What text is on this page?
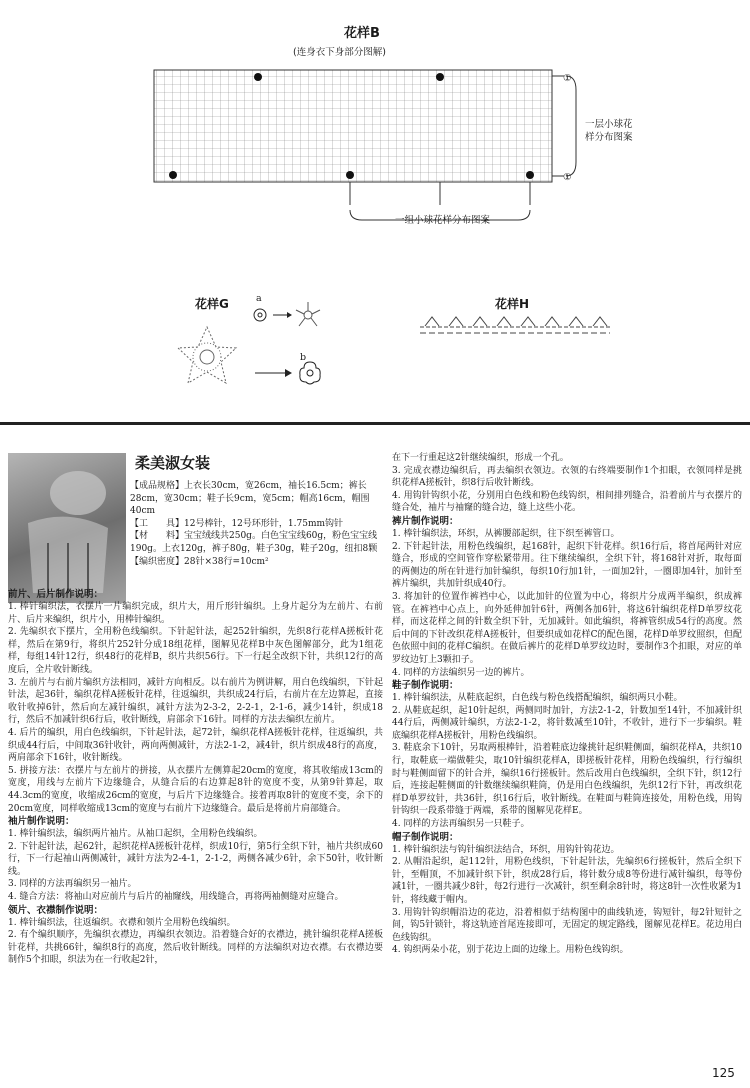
花样B
(连身衣下身部分图解)
①
①
一层小球花
样分布图案
一组小球花样分布图案
花样G	a
b
花样H
柔美淑女装

【成品规格】上衣长30cm，宽26cm，袖长16.5cm；裤长28cm，宽30cm；鞋子长9cm，宽5cm；帽高16cm，帽围40cm

【工　　具】12号棒针，12号环形针，1.75mm钩针

【材　　料】宝宝绒线共250g。白色宝宝线60g，粉色宝宝线190g。上衣120g，裤子80g，鞋子30g，鞋子20g，纽扣8颗

【编织密度】28针×38行=10cm²

前片、后片制作说明：

1. 棒针编织法，衣摆片一片编织完成，织片大，用斤形针编织。上身片起分为左前片、右前片、后片来编织，织片小，用棒针编织。

2. 先编织衣下摆片，全用粉色线编织。下针起针法，起252针编织，先织8行花样A搓板针花样，然后在第9行，将织片252针分成18组花样，图解见花样B中灰色图解部分，此为1组花样，每组14针12行，织48行的花样B，织片共织56行。下一行起全改织下针，共织12行的高度后，全片收针断线。

3. 左前片与右前片编织方法相同，减针方向相反。以右前片为例讲解，用白色线编织，下针起针法，起36针，编织花样A搓板针花样，往返编织，共织成24行后，右前片在左边算起，直接收针收掉6针，然后向左减针编织，减针方法为2-3-2，2-2-1，2-1-6，减少14针，织成18行，然后不加减针织6行后，收针断线，肩部余下16针。同样的方法去编织左前片。

4. 后片的编织，用白色线编织，下针起针法，起72针，编织花样A搓板针花样，往返编织，共织成44行后，中间取36针收针，两向两侧减针，方法2-1-2，减4针，织片织成48行的高度，两肩部余下16针，收针断线。

5. 拼接方法：衣摆片与左前片的拼接，从衣摆片左侧算起20cm的宽度，将其收缩成13cm的宽度，用线与左前片下边缘缝合，从缝合后的右边算起8针的宽度不变，从第9针算起，取44.3cm的宽度，收缩成26cm的宽度，与后片下边缘缝合。接着再取8针的宽度不变，余下的20cm宽度，同样收缩成13cm的宽度与右前片下边缘缝合。最后是将前片肩部缝合。

袖片制作说明：

1. 棒针编织法，编织两片袖片。从袖口起织，全用粉色线编织。

2. 下针起针法，起62针，起织花样A搓板针花样，织成10行，第5行全织下针，袖片共织成60行，下一行起袖山两侧减针，减针方法为2-4-1，2-1-2，两侧各减少6针，余下50针，收针断线。

3. 同样的方法再编织另一袖片。

4. 缝合方法：将袖山对应前片与后片的袖窿线，用线缝合，再将两袖侧缝对应缝合。

领片、衣襟制作说明：

1. 棒针编织法，往返编织。衣襟和领片全用粉色线编织。

2. 有个编织顺序，先编织衣襟边，再编织衣领边。沿着缝合好的衣襟边，挑针编织花样A搓板针花样，共挑66针，编织8行的高度，然后收针断线。同样的方法编织对边衣襟。右衣襟边要制作5个扣眼，织法为在一行收起2针，

在下一行重起这2针继续编织，形成一个孔。

3. 完成衣襟边编织后，再去编织衣领边。衣领的右终端要制作1个扣眼，衣领同样是挑织花样A搓板针，织8行后收针断线。

4. 用钩针钩织小花，分别用白色线和粉色线钩织，相间排列缝合，沿着前片与衣摆片的缝合处，袖片与袖窿的缝合边，缝上这些小花。

裤片制作说明：

1. 棒针编织法，环织，从裤腰部起织，往下织至裤管口。

2. 下针起针法，用粉色线编织，起168针，起织下针花样。织16行后，将首尾两针对应缝合，形成的空间管作穿松紧带用。往下继续编织，全织下针，将168针对折，取每面的两侧边的所在针进行加针编织，每织10行加1针，一面加2针，一圈即加4针，加针至裤片编织，共加针织成40行。

3. 将加针的位置作裤裆中心，以此加针的位置为中心，将织片分成两半编织，织成裤管。在裤裆中心点上，向外延伸加针6针，两侧各加6针，将这6针编织花样D单罗纹花样，而这花样之间的针数全织下针，无加减针。如此编织，将裤管织成54行的高度。然后中间的下针改织花样A搓板针，但要织成如花样C的配色图，花样D单罗纹照织，但配色依照中间的花样C编织。在做后裤片的花样D单罗纹边时，要制作3个扣眼，对应的单罗纹边钉上3颗扣子。

4. 同样的方法编织另一边的裤片。

鞋子制作说明：

1. 棒针编织法，从鞋底起织，白色线与粉色线搭配编织，编织两只小鞋。

2. 从鞋底起织，起10针起织，两侧同时加针，方法2-1-2，针数加至14针，不加减针织44行后，两侧减针编织，方法2-1-2，将针数减至10针，不收针，进行下一步编织。鞋底编织花样A搓板针，用粉色线编织。

3. 鞋底余下10针，另取两根棒针，沿着鞋底边缘挑针起织鞋侧面，编织花样A，共织10行，取鞋底一端做鞋尖，取10针编织花样A，即搓板针花样，用粉色线编织，行行编织时与鞋侧面留下的针合并，编织16行搓板针。然后改用白色线编织，全织下针，织12行后，连接起鞋侧面的针数继续编织鞋筒，仍是用白色线编织，先织12行下针，再改织花样D单罗纹针，共36针，织16行后，收针断线。在鞋面与鞋筒连接处，用粉色线，用钩针钩织一段系带缝于两端，系带的图解见花样E。

4. 同样的方法再编织另一只鞋子。

帽子制作说明：

1. 棒针编织法与钩针编织法结合，环织，用钩针钩花边。

2. 从帽沿起织，起112针，用粉色线织，下针起针法，先编织6行搓板针，然后全织下针，至帽顶，不加减针织下针，织成28行后，将针数分成8等份进行减针编织，每等份减1针，一圈共减少8针，每2行进行一次减针，织至剩余8针时，将这8针一次性收紧为1针，将线藏于帽内。

3. 用钩针钩织帽沿边的花边，沿着相似于结构图中的曲线轨迹，钩短针，每2针短针之间，钩5针锁针，将这轨迹首尾连接即可，无固定的规定路线，图解见花样E。花边用白色线钩织。

4. 钩织两朵小花，别于花边上面的边缘上。用粉色线钩织。

125
